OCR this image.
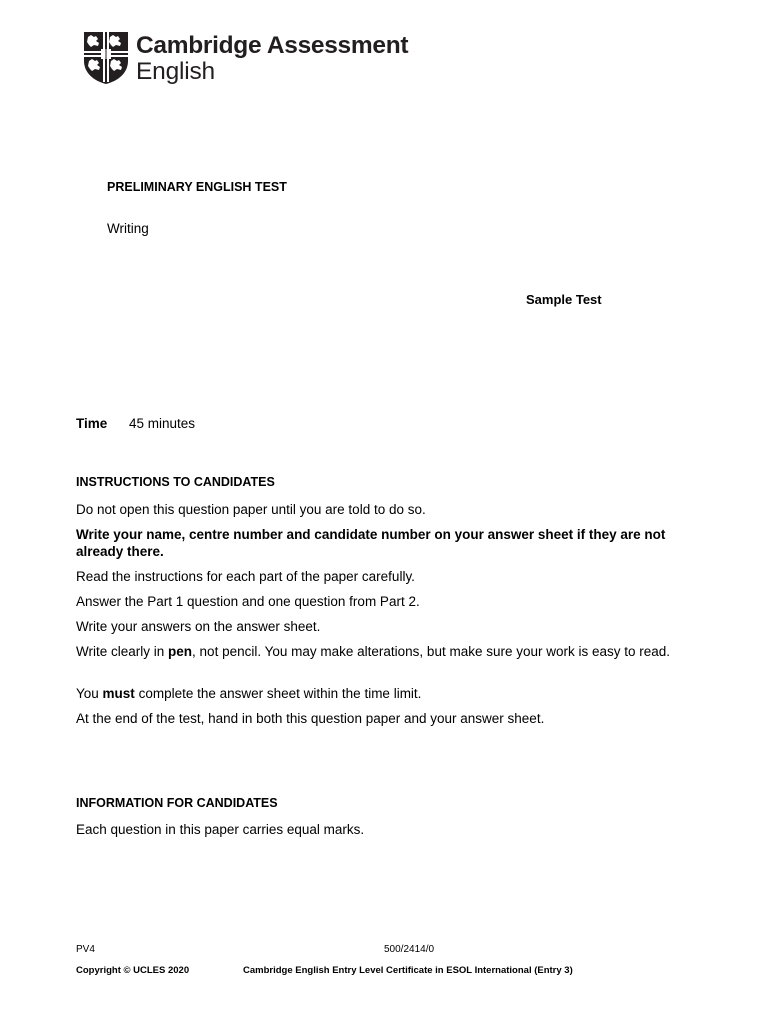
Cambridge Assessment
English
PRELIMINARY ENGLISH TEST
Writing
Sample Test
Time 45 minutes
INSTRUCTIONS TO CANDIDATES
Do not open this question paper until you are told to do so.
Write your name, centre number and candidate number on your answer sheet if they are not already there.
Read the instructions for each part of the paper carefully.
Answer the Part 1 question and one question from Part 2.
Write your answers on the answer sheet.
Write clearly in pen, not pencil. You may make alterations, but make sure your work is easy to read.
You must complete the answer sheet within the time limit.
At the end of the test, hand in both this question paper and your answer sheet.
INFORMATION FOR CANDIDATES
Each question in this paper carries equal marks.
PV4	500/2414/0
Copyright © UCLES 2020	Cambridge English Entry Level Certificate in ESOL International (Entry 3)
